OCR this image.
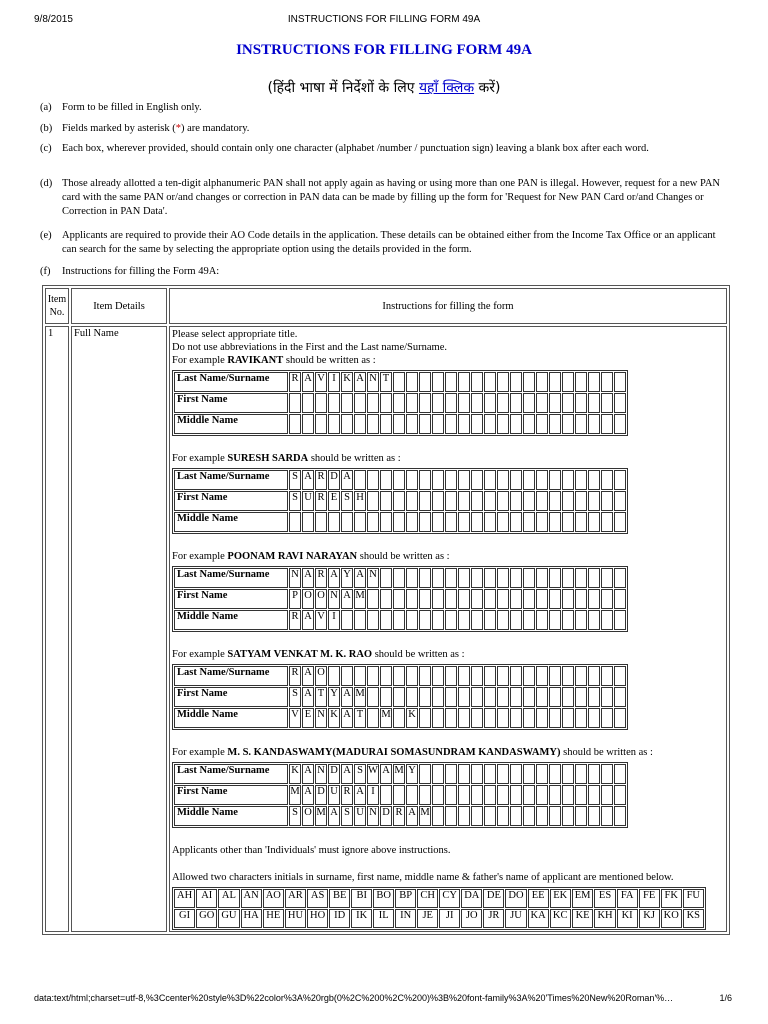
9/8/2015	INSTRUCTIONS FOR FILLING FORM 49A
INSTRUCTIONS FOR FILLING FORM 49A
(हिंदी भाषा में निर्देशों के लिए यहाँ क्लिक करें)
(a) Form to be filled in English only.
(b) Fields marked by asterisk (*) are mandatory.
(c) Each box, wherever provided, should contain only one character (alphabet /number / punctuation sign) leaving a blank box after each word.
(d) Those already allotted a ten-digit alphanumeric PAN shall not apply again as having or using more than one PAN is illegal. However, request for a new PAN card with the same PAN or/and changes or correction in PAN data can be made by filling up the form for 'Request for New PAN Card or/and Changes or Correction in PAN Data'.
(e) Applicants are required to provide their AO Code details in the application. These details can be obtained either from the Income Tax Office or an applicant can search for the same by selecting the appropriate option using the details provided in the form.
(f) Instructions for filling the Form 49A:
Item No.	Item Details	Instructions for filling the form
1	Full Name	Please select appropriate title.
Do not use abbreviations in the First and the Last name/Surname.
For example RAVIKANT should be written as :
Last Name/Surname	R	A	V	I	K	A	N	T																		
First Name																										
Middle Name																										
For example SURESH SARDA should be written as :
Last Name/Surname	S	A	R	D	A																					
First Name	S	U	R	E	S	H																				
Middle Name																										
For example POONAM RAVI NARAYAN should be written as :
Last Name/Surname	N	A	R	A	Y	A	N																			
First Name	P	O	O	N	A	M																				
Middle Name	R	A	V	I																						
For example SATYAM VENKAT M. K. RAO should be written as :
Last Name/Surname	R	A	O																							
First Name	S	A	T	Y	A	M																				
Middle Name	V	E	N	K	A	T		M		K																
For example M. S. KANDASWAMY(MADURAI SOMASUNDRAM KANDASWAMY) should be written as :
Last Name/Surname	K	A	N	D	A	S	W	A	M	Y																
First Name	M	A	D	U	R	A	I																			
Middle Name	S	O	M	A	S	U	N	D	R	A	M															
Applicants other than 'Individuals' must ignore above instructions.
Allowed two characters initials in surname, first name, middle name & father's name of applicant are mentioned below.
AH	AI	AL	AN	AO	AR	AS	BE	BI	BO	BP	CH	CY	DA	DE	DO	EE	EK	EM	ES	FA	FE	FK	FU
GI	GO	GU	HA	HE	HU	HO	ID	IK	IL	IN	JE	JI	JO	JR	JU	KA	KC	KE	KH	KI	KJ	KO	KS
data:text/html;charset=utf-8,%3Ccenter%20style%3D%22color%3A%20rgb(0%2C%200%2C%200)%3B%20font-family%3A%20'Times%20New%20Roman'%…	1/6
